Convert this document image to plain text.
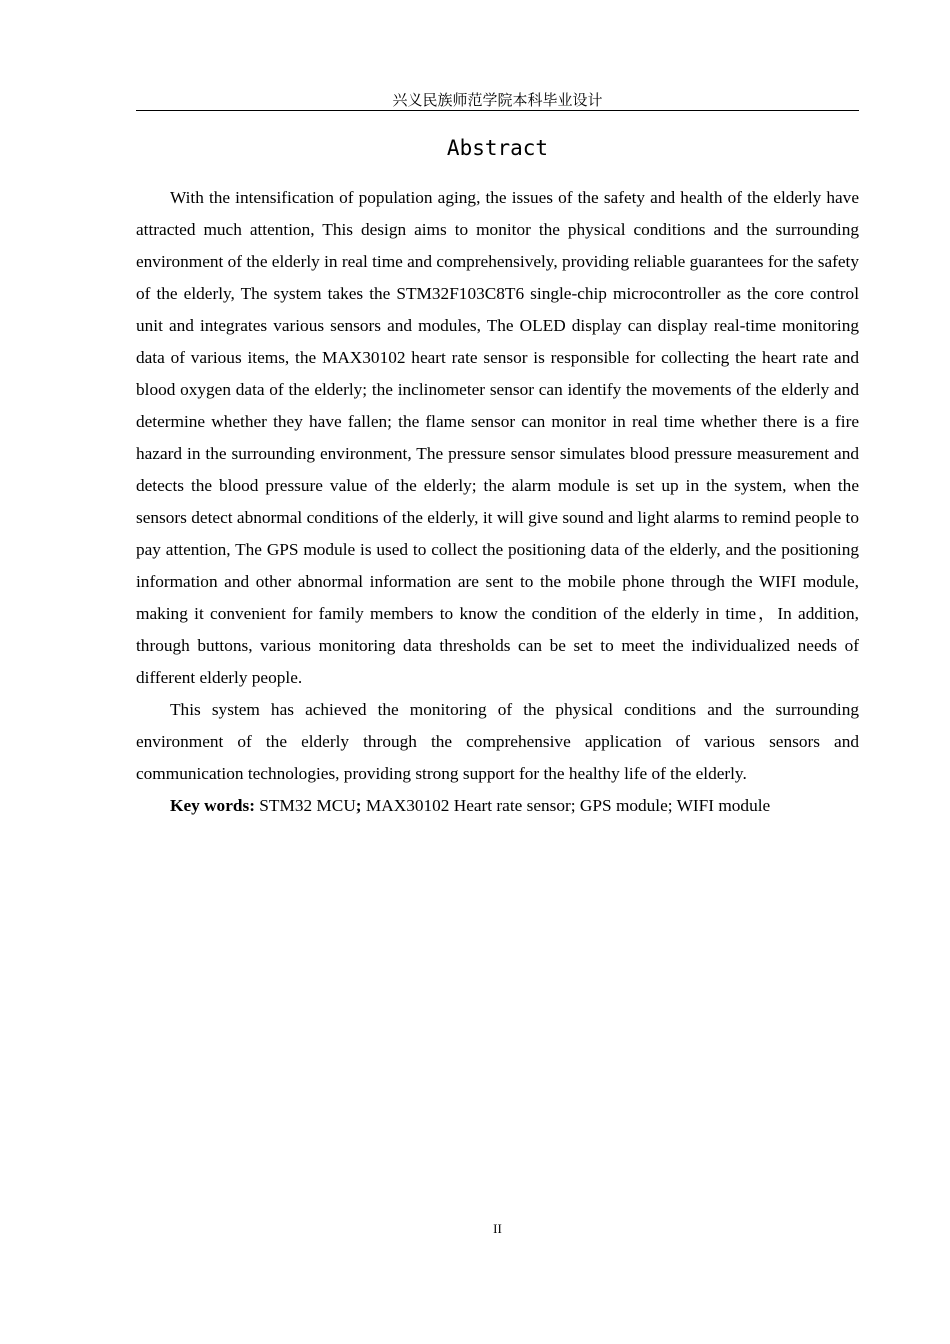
兴义民族师范学院本科毕业设计
Abstract

With the intensification of population aging, the issues of the safety and health of the elderly have attracted much attention, This design aims to monitor the physical conditions and the surrounding environment of the elderly in real time and comprehensively, providing reliable guarantees for the safety of the elderly, The system takes the STM32F103C8T6 single-chip microcontroller as the core control unit and integrates various sensors and modules, The OLED display can display real-time monitoring data of various items, the MAX30102 heart rate sensor is responsible for collecting the heart rate and blood oxygen data of the elderly; the inclinometer sensor can identify the movements of the elderly and determine whether they have fallen; the flame sensor can monitor in real time whether there is a fire hazard in the surrounding environment, The pressure sensor simulates blood pressure measurement and detects the blood pressure value of the elderly; the alarm module is set up in the system, when the sensors detect abnormal conditions of the elderly, it will give sound and light alarms to remind people to pay attention, The GPS module is used to collect the positioning data of the elderly, and the positioning information and other abnormal information are sent to the mobile phone through the WIFI module, making it convenient for family members to know the condition of the elderly in time，In addition, through buttons, various monitoring data thresholds can be set to meet the individualized needs of different elderly people.

This system has achieved the monitoring of the physical conditions and the surrounding environment of the elderly through the comprehensive application of various sensors and communication technologies, providing strong support for the healthy life of the elderly.

Key words: STM32 MCU; MAX30102 Heart rate sensor; GPS module; WIFI module

II
